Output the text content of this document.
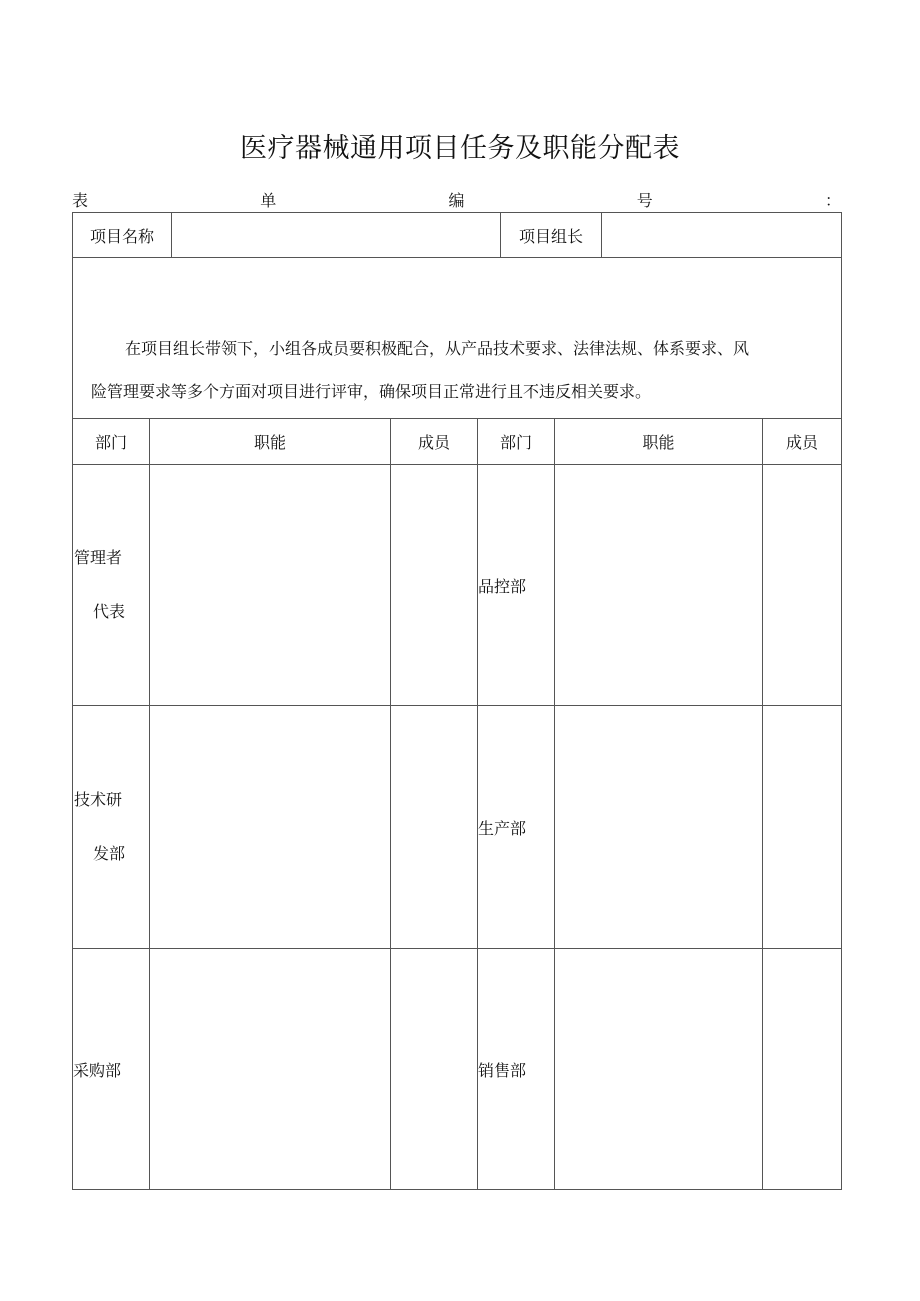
医疗器械通用项目任务及职能分配表
表	单	编	号	：
项目名称 项目组长					

在项目组长带领下，小组各成员要积极配合，从产品技术要求、法律法规、体系要求、风
险管理要求等多个方面对项目进行评审，确保项目正常进行且不违反相关要求。					

部门	职能	成员	部门	职能	成员
管理者
代表			品控部		
技术研
发部			生产部		
采购部			销售部		
